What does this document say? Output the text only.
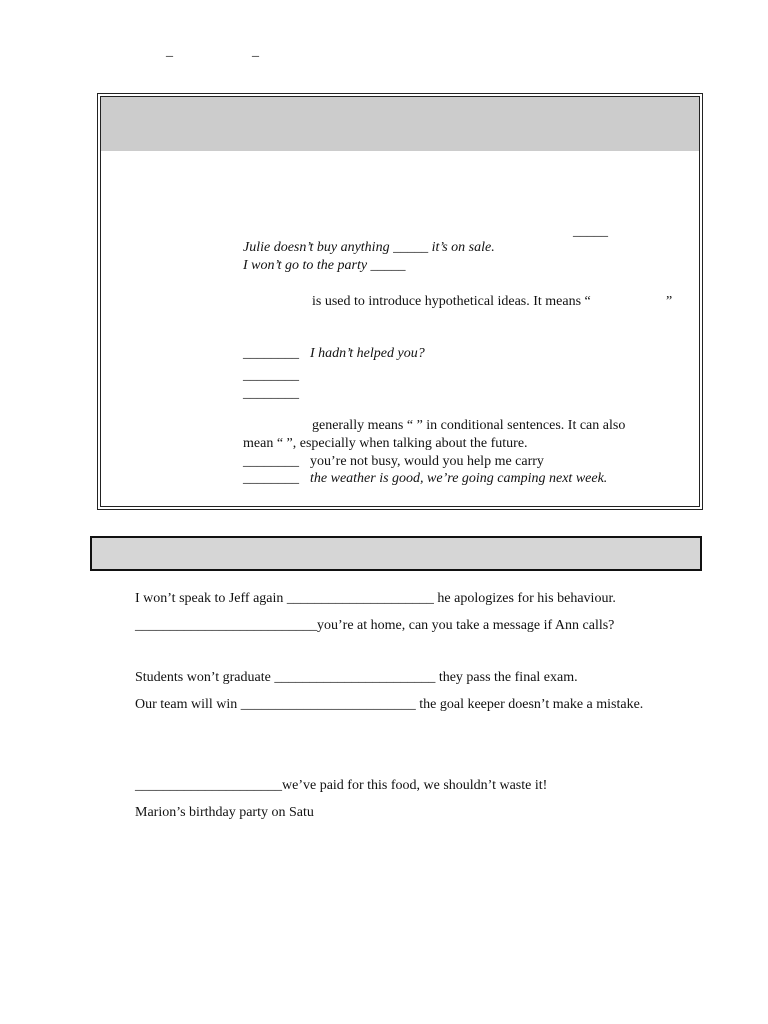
_	_
_____
Julie doesn’t buy anything _____ it’s on sale.
I won’t go to the party _____
is used to introduce hypothetical ideas. It means “	”
________ I hadn’t helped you?
________
________
generally means “ ” in conditional sentences. It can also
mean “ ”, especially when talking about the future.
________ you’re not busy, would you help me carry
________ the weather is good, we’re going camping next week.
I won’t speak to Jeff again _____________________ he apologizes for his behaviour.
__________________________you’re at home, can you take a message if Ann calls?
Students won’t graduate _______________________ they pass the final exam.
Our team will win _________________________ the goal keeper doesn’t make a mistake.
_____________________we’ve paid for this food, we shouldn’t waste it!
Marion’s birthday party on Satu
